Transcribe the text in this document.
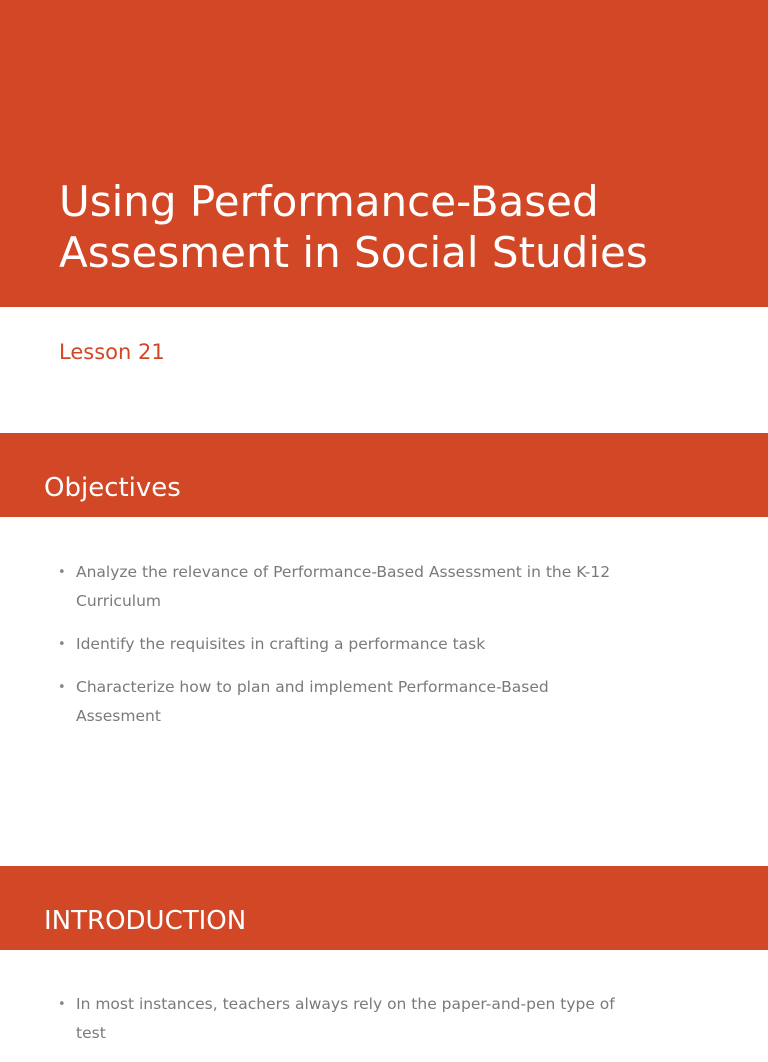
Using Performance-Based
Assesment in Social Studies
Lesson 21
Objectives
• Analyze the relevance of Performance-Based Assessment in the K-12 Curriculum
• Identify the requisites in crafting a performance task
• Characterize how to plan and implement Performance-Based Assesment
INTRODUCTION
• In most instances, teachers always rely on the paper-and-pen type of test
